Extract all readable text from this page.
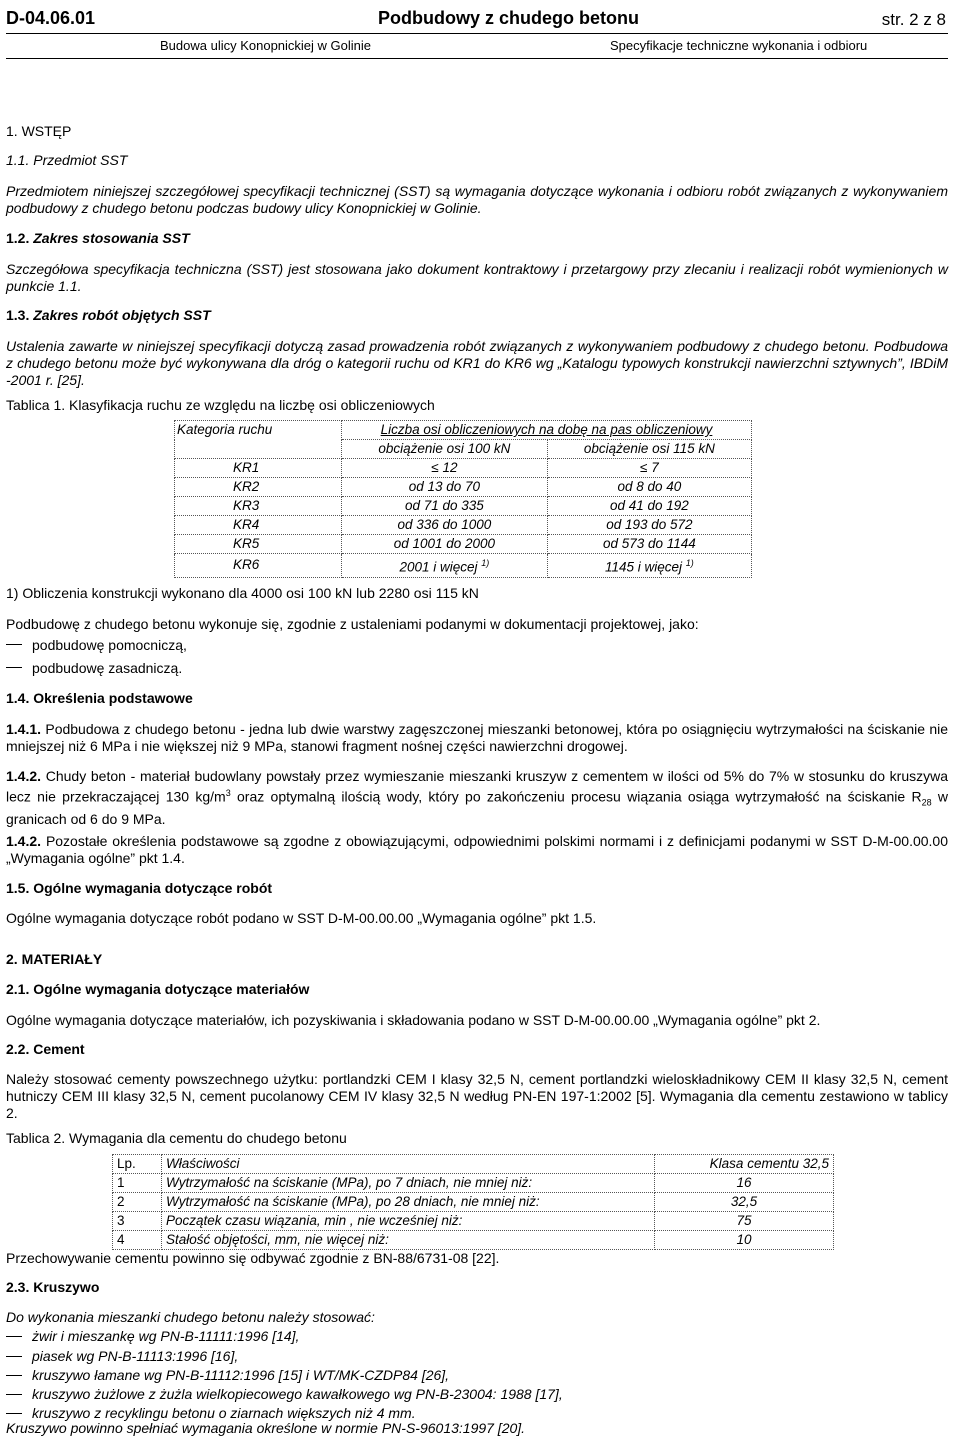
D-04.06.01	Podbudowy z chudego betonu	str. 2 z 8
Budowa ulicy Konopnickiej w Golinie	Specyfikacje techniczne wykonania i odbioru
1. WSTĘP
1.1. Przedmiot SST
Przedmiotem niniejszej szczegółowej specyfikacji technicznej (SST) są wymagania dotyczące wykonania i odbioru robót związanych z wykonywaniem podbudowy z chudego betonu podczas budowy ulicy Konopnickiej w Golinie.
1.2. Zakres stosowania SST
Szczegółowa specyfikacja techniczna (SST) jest stosowana jako dokument kontraktowy i przetargowy przy zlecaniu i realizacji robót wymienionych w punkcie 1.1.
1.3. Zakres robót objętych SST
Ustalenia zawarte w niniejszej specyfikacji dotyczą zasad prowadzenia robót związanych z wykonywaniem podbudowy z chudego betonu. Podbudowa z chudego betonu może być wykonywana dla dróg o kategorii ruchu od KR1 do KR6 wg „Katalogu typowych konstrukcji nawierzchni sztywnych”, IBDiM -2001 r. [25].
Tablica 1. Klasyfikacja ruchu ze względu na liczbę osi obliczeniowych
Kategoria ruchu	Liczba osi obliczeniowych na dobę na pas obliczeniowy	
	obciążenie osi 100 kN	obciążenie osi 115 kN
KR1	≤ 12	≤ 7
KR2	od 13 do 70	od 8 do 40
KR3	od 71 do 335	od 41 do 192
KR4	od 336 do 1000	od 193 do 572
KR5	od 1001 do 2000	od 573 do 1144
KR6	2001 i więcej $^{1)}$	1145 i więcej $^{1)}$
1) Obliczenia konstrukcji wykonano dla 4000 osi 100 kN lub 2280 osi 115 kN
Podbudowę z chudego betonu wykonuje się, zgodnie z ustaleniami podanymi w dokumentacji projektowej, jako:
podbudowę pomocniczą,
podbudowę zasadniczą.
1.4. Określenia podstawowe
1.4.1. Podbudowa z chudego betonu - jedna lub dwie warstwy zagęszczonej mieszanki betonowej, która po osiągnięciu wytrzymałości na ściskanie nie mniejszej niż 6 MPa i nie większej niż 9 MPa, stanowi fragment nośnej części nawierzchni drogowej.
1.4.2. Chudy beton - materiał budowlany powstały przez wymieszanie mieszanki kruszyw z cementem w ilości od 5% do 7% w stosunku do kruszywa lecz nie przekraczającej 130 $kg/m^3$ oraz optymalną ilością wody, który po zakończeniu procesu wiązania osiąga wytrzymałość na ściskanie $R_{28}$ w granicach od 6 do 9 MPa.
1.4.2. Pozostałe określenia podstawowe są zgodne z obowiązującymi, odpowiednimi polskimi normami i z definicjami podanymi w SST D-M-00.00.00 „Wymagania ogólne” pkt 1.4.
1.5. Ogólne wymagania dotyczące robót
Ogólne wymagania dotyczące robót podano w SST D-M-00.00.00 „Wymagania ogólne” pkt 1.5.
2. MATERIAŁY
2.1. Ogólne wymagania dotyczące materiałów
Ogólne wymagania dotyczące materiałów, ich pozyskiwania i składowania podano w SST D-M-00.00.00 „Wymagania ogólne” pkt 2.
2.2. Cement
Należy stosować cementy powszechnego użytku: portlandzki CEM I klasy 32,5 N, cement portlandzki wieloskładnikowy CEM II klasy 32,5 N, cement hutniczy CEM III klasy 32,5 N, cement pucolanowy CEM IV klasy 32,5 N według PN-EN 197-1:2002 [5]. Wymagania dla cementu zestawiono w tablicy 2.
Tablica 2. Wymagania dla cementu do chudego betonu
Lp.	Właściwości	Klasa cementu 32,5
1	Wytrzymałość na ściskanie (MPa), po 7 dniach, nie mniej niż:	16
2	Wytrzymałość na ściskanie (MPa), po 28 dniach, nie mniej niż:	32,5
3	Początek czasu wiązania, min , nie wcześniej niż:	75
4	Stałość objętości, mm, nie więcej niż:	10
Przechowywanie cementu powinno się odbywać zgodnie z BN-88/6731-08 [22].
2.3. Kruszywo
Do wykonania mieszanki chudego betonu należy stosować:
żwir i mieszankę wg PN-B-11111:1996 [14],
piasek wg PN-B-11113:1996 [16],
kruszywo łamane wg PN-B-11112:1996 [15] i WT/MK-CZDP84 [26],
kruszywo żużlowe z żużla wielkopiecowego kawałkowego wg PN-B-23004: 1988 [17],
kruszywo z recyklingu betonu o ziarnach większych niż 4 mm.
Kruszywo powinno spełniać wymagania określone w normie PN-S-96013:1997 [20].
